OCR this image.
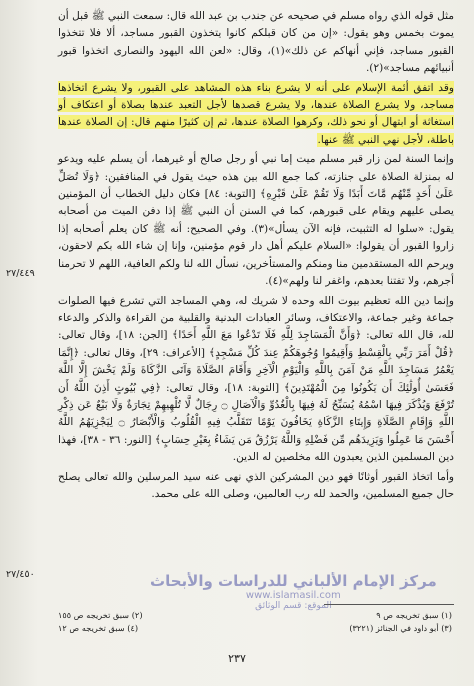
مثل قوله الذي رواه مسلم في صحيحه عن جندب بن عبد الله قال: سمعت النبي ﷺ قبل أن يموت بخمس وهو يقول: «إن من كان قبلكم كانوا يتخذون القبور مساجد، ألا فلا تتخذوا القبور مساجد، فإني أنهاكم عن ذلك»(١)، وقال: «لعن الله اليهود والنصارى اتخذوا قبور أنبيائهم مساجد»(٢).

وقد اتفق أئمة الإسلام على أنه لا يشرع بناء هذه المشاهد على القبور، ولا يشرع اتخاذها مساجد، ولا يشرع الصلاة عندها، ولا يشرع قصدها لأجل التعبد عندها بصلاة أو اعتكاف أو استغاثة أو ابتهال أو نحو ذلك، وكرهوا الصلاة عندها، ثم إن كثيرًا منهم قال: إن الصلاة عندها باطلة، لأجل نهي النبي ﷺ عنها.

وإنما السنة لمن زار قبر مسلم ميت إما نبي أو رجل صالح أو غيرهما، أن يسلم عليه ويدعو له بمنزلة الصلاة على جنازته، كما جمع الله بين هذه حيث يقول في المنافقين: ﴿وَلَا تُصَلِّ عَلَىٰ أَحَدٍ مِّنْهُم مَّاتَ أَبَدًا وَلَا تَقُمْ عَلَىٰ قَبْرِهِ﴾ [التوبة: ٨٤] فكان دليل الخطاب أن المؤمنين يصلى عليهم ويقام على قبورهم، كما في السنن أن النبي ﷺ إذا دفن الميت من أصحابه يقول: «سلوا له التثبيت، فإنه الآن يسأل»(٣). وفي الصحيح: أنه ﷺ كان يعلم أصحابه إذا زاروا القبور أن يقولوا: «السلام عليكم أهل دار قوم مؤمنين، وإنا إن شاء الله بكم لاحقون، ويرحم الله المستقدمين منا ومنكم والمستأخرين، نسأل الله لنا ولكم العافية، اللهم لا تحرمنا أجرهم، ولا تفتنا بعدهم، واغفر لنا ولهم»(٤).

وإنما دين الله تعظيم بيوت الله وحده لا شريك له، وهي المساجد التي تشرع فيها الصلوات جماعة وغير جماعة، والاعتكاف، وسائر العبادات البدنية والقلبية من القراءة والذكر والدعاء لله، قال الله تعالى: ﴿وَأَنَّ الْمَسَاجِدَ لِلَّهِ فَلَا تَدْعُوا مَعَ اللَّهِ أَحَدًا﴾ [الجن: ١٨]، وقال تعالى: ﴿قُلْ أَمَرَ رَبِّي بِالْقِسْطِ وَأَقِيمُوا وُجُوهَكُمْ عِندَ كُلِّ مَسْجِدٍ﴾ [الأعراف: ٢٩]، وقال تعالى: ﴿إِنَّمَا يَعْمُرُ مَسَاجِدَ اللَّهِ مَنْ آمَنَ بِاللَّهِ وَالْيَوْمِ الْآخِرِ وَأَقَامَ الصَّلَاةَ وَآتَى الزَّكَاةَ وَلَمْ يَخْشَ إِلَّا اللَّهَ فَعَسَىٰ أُولَٰئِكَ أَن يَكُونُوا مِنَ الْمُهْتَدِينَ﴾ [التوبة: ١٨]، وقال تعالى: ﴿فِي بُيُوتٍ أَذِنَ اللَّهُ أَن تُرْفَعَ وَيُذْكَرَ فِيهَا اسْمُهُ يُسَبِّحُ لَهُ فِيهَا بِالْغُدُوِّ وَالْآصَالِ ۝ رِجَالٌ لَّا تُلْهِيهِمْ تِجَارَةٌ وَلَا بَيْعٌ عَن ذِكْرِ اللَّهِ وَإِقَامِ الصَّلَاةِ وَإِيتَاءِ الزَّكَاةِ يَخَافُونَ يَوْمًا تَتَقَلَّبُ فِيهِ الْقُلُوبُ وَالْأَبْصَارُ ۝ لِيَجْزِيَهُمُ اللَّهُ أَحْسَنَ مَا عَمِلُوا وَيَزِيدَهُم مِّن فَضْلِهِ وَاللَّهُ يَرْزُقُ مَن يَشَاءُ بِغَيْرِ حِسَابٍ﴾ [النور: ٣٦ - ٣٨]، فهذا دين المسلمين الذين يعبدون الله مخلصين له الدين.

وأما اتخاذ القبور أوثانًا فهو دين المشركين الذي نهى عنه سيد المرسلين والله تعالى يصلح حال جميع المسلمين، والحمد لله رب العالمين، وصلى الله على محمد.

٢٧/٤٤٩
٢٧/٤٥٠	مركز الإمام الألباني للدراسات والأبحاث
www.islamasil.com
الموقع: قسم الوثائق
(١) سبق تخريجه ص ٩
(٢) سبق تخريجه ص ١٥٥
(٣) أبو داود في الجنائز (٣٢٢١)
(٤) سبق تخريجه ص ١٢
٢٣٧
